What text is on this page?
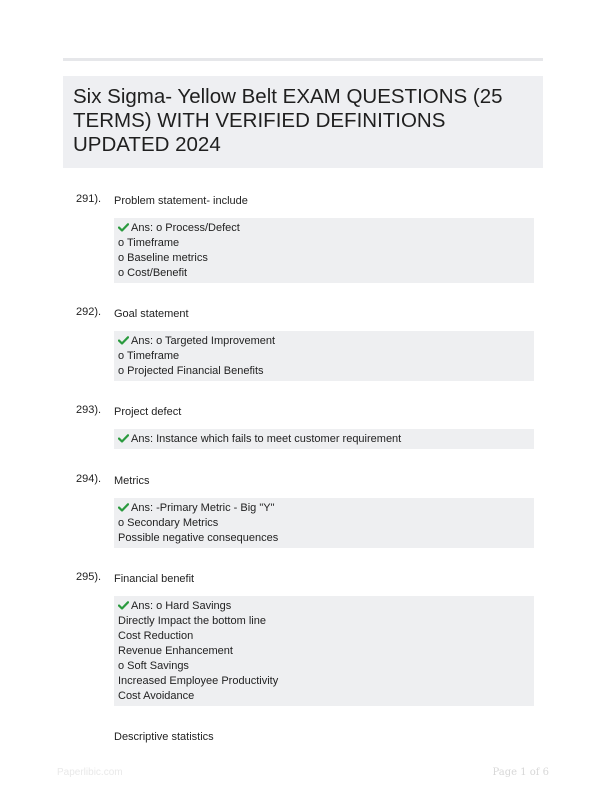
Six Sigma- Yellow Belt EXAM QUESTIONS (25 TERMS) WITH VERIFIED DEFINITIONS UPDATED 2024
291). Problem statement- include
Ans: o Process/Defect
o Timeframe
o Baseline metrics
o Cost/Benefit
292). Goal statement
Ans: o Targeted Improvement
o Timeframe
o Projected Financial Benefits
293). Project defect
Ans: Instance which fails to meet customer requirement
294). Metrics
Ans: -Primary Metric - Big "Y"
o Secondary Metrics
Possible negative consequences
295). Financial benefit
Ans: o Hard Savings
Directly Impact the bottom line
Cost Reduction
Revenue Enhancement
o Soft Savings
Increased Employee Productivity
Cost Avoidance
Descriptive statistics
Paperlibic.com	Page 1 of 6
